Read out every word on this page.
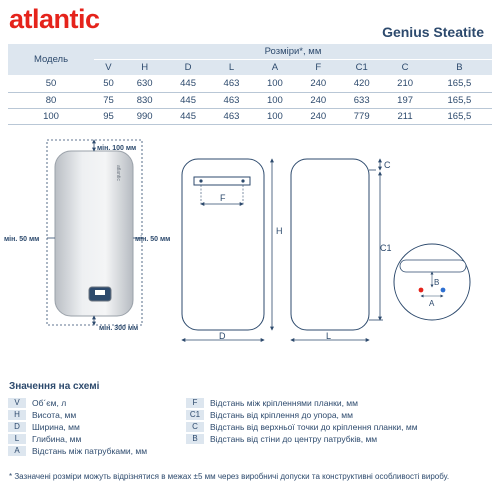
atlantic	Genius Steatite
Модель	Розміри*, мм								
	V	H	D	L	A	F	C1	C	B
50	50	630	445	463	100	240	420	210	165,5
80	75	830	445	463	100	240	633	197	165,5
100	95	990	445	463	100	240	779	211	165,5
atlantic
мін. 100 мм
мін. 50 мм	мін. 50 мм
мін. 300 мм
F
H
D
C
C1
L
A
B
Значення на схемі
V	Об´єм, л
H	Висота, мм
D	Ширина, мм
L	Глибина, мм
A	Відстань між патрубками, мм
F	Відстань між кріпленнями планки, мм
C1	Відстань від кріплення до упора, мм
C	Відстань від верхньої точки до кріплення планки, мм
B	Відстань від стіни до центру патрубків, мм
* Зазначені розміри можуть відрізнятися в межах ±5 мм через виробничі допуски та конструктивні особливості виробу.
